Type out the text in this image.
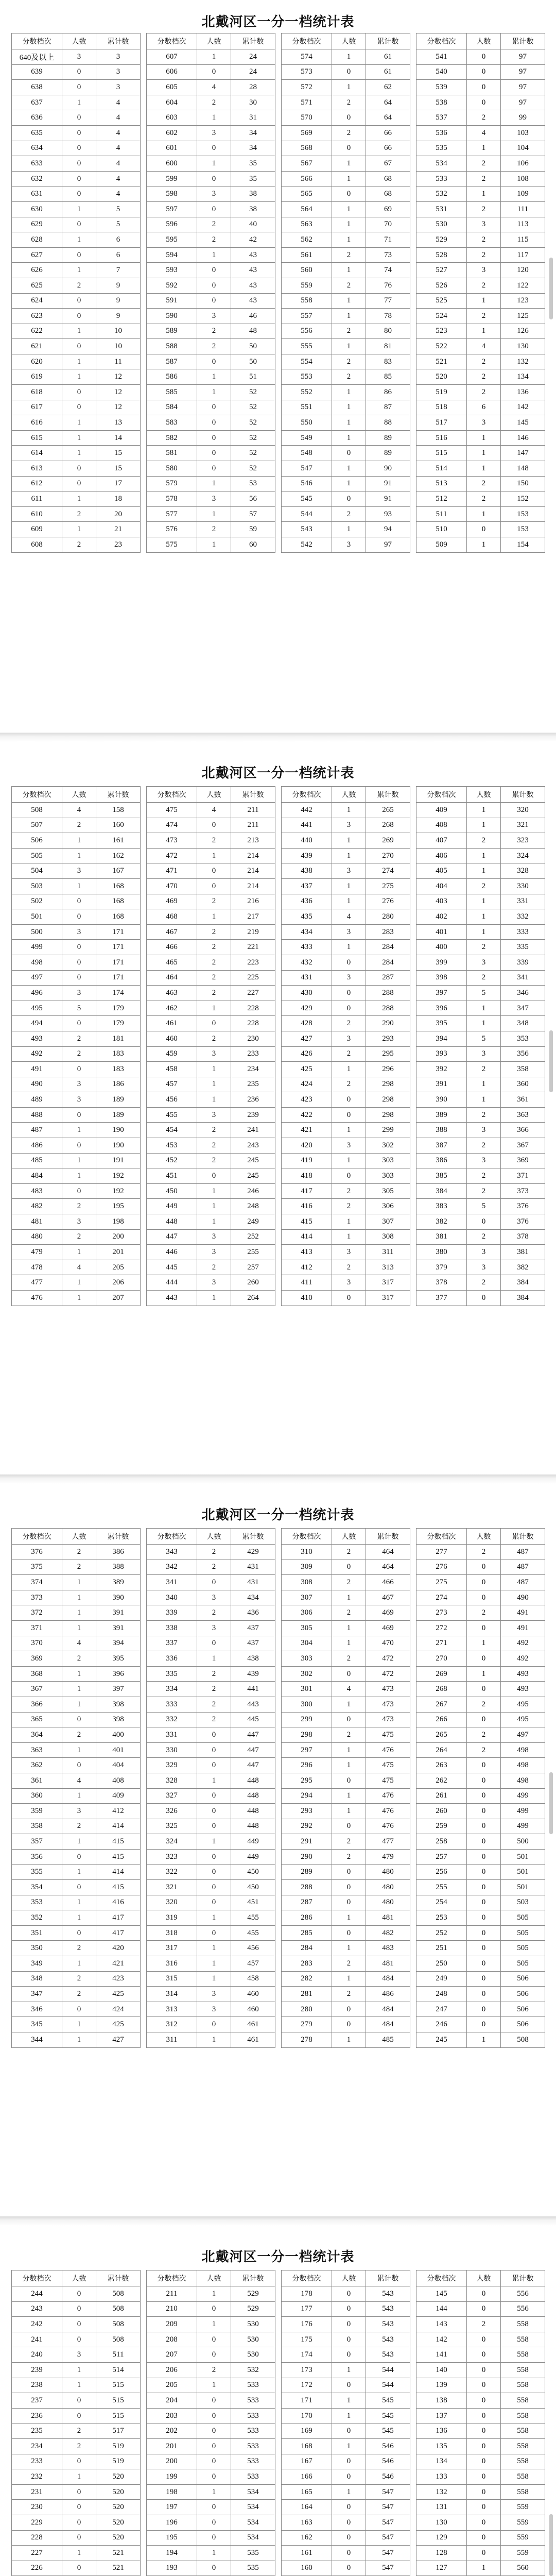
北戴河区一分一档统计表
分数档次	人数	累计数
640及以上	3	3
639	0	3
638	0	3
637	1	4
636	0	4
635	0	4
634	0	4
633	0	4
632	0	4
631	0	4
630	1	5
629	0	5
628	1	6
627	0	6
626	1	7
625	2	9
624	0	9
623	0	9
622	1	10
621	0	10
620	1	11
619	1	12
618	0	12
617	0	12
616	1	13
615	1	14
614	1	15
613	0	15
612	0	17
611	1	18
610	2	20
609	1	21
608	2	23
分数档次	人数	累计数
607	1	24
606	0	24
605	4	28
604	2	30
603	1	31
602	3	34
601	0	34
600	1	35
599	0	35
598	3	38
597	0	38
596	2	40
595	2	42
594	1	43
593	0	43
592	0	43
591	0	43
590	3	46
589	2	48
588	2	50
587	0	50
586	1	51
585	1	52
584	0	52
583	0	52
582	0	52
581	0	52
580	0	52
579	1	53
578	3	56
577	1	57
576	2	59
575	1	60
分数档次	人数	累计数
574	1	61
573	0	61
572	1	62
571	2	64
570	0	64
569	2	66
568	0	66
567	1	67
566	1	68
565	0	68
564	1	69
563	1	70
562	1	71
561	2	73
560	1	74
559	2	76
558	1	77
557	1	78
556	2	80
555	1	81
554	2	83
553	2	85
552	1	86
551	1	87
550	1	88
549	1	89
548	0	89
547	1	90
546	1	91
545	0	91
544	2	93
543	1	94
542	3	97
分数档次	人数	累计数
541	0	97
540	0	97
539	0	97
538	0	97
537	2	99
536	4	103
535	1	104
534	2	106
533	2	108
532	1	109
531	2	111
530	3	113
529	2	115
528	2	117
527	3	120
526	2	122
525	1	123
524	2	125
523	1	126
522	4	130
521	2	132
520	2	134
519	2	136
518	6	142
517	3	145
516	1	146
515	1	147
514	1	148
513	2	150
512	2	152
511	1	153
510	0	153
509	1	154
北戴河区一分一档统计表
分数档次	人数	累计数
508	4	158
507	2	160
506	1	161
505	1	162
504	3	167
503	1	168
502	0	168
501	0	168
500	3	171
499	0	171
498	0	171
497	0	171
496	3	174
495	5	179
494	0	179
493	2	181
492	2	183
491	0	183
490	3	186
489	3	189
488	0	189
487	1	190
486	0	190
485	1	191
484	1	192
483	0	192
482	2	195
481	3	198
480	2	200
479	1	201
478	4	205
477	1	206
476	1	207
分数档次	人数	累计数
475	4	211
474	0	211
473	2	213
472	1	214
471	0	214
470	0	214
469	2	216
468	1	217
467	2	219
466	2	221
465	2	223
464	2	225
463	2	227
462	1	228
461	0	228
460	2	230
459	3	233
458	1	234
457	1	235
456	1	236
455	3	239
454	2	241
453	2	243
452	2	245
451	0	245
450	1	246
449	1	248
448	1	249
447	3	252
446	3	255
445	2	257
444	3	260
443	1	264
分数档次	人数	累计数
442	1	265
441	3	268
440	1	269
439	1	270
438	3	274
437	1	275
436	1	276
435	4	280
434	3	283
433	1	284
432	0	284
431	3	287
430	0	288
429	0	288
428	2	290
427	3	293
426	2	295
425	1	296
424	2	298
423	0	298
422	0	298
421	1	299
420	3	302
419	1	303
418	0	303
417	2	305
416	2	306
415	1	307
414	1	308
413	3	311
412	2	313
411	3	317
410	0	317
分数档次	人数	累计数
409	1	320
408	1	321
407	2	323
406	1	324
405	1	328
404	2	330
403	1	331
402	1	332
401	1	333
400	2	335
399	3	339
398	2	341
397	5	346
396	1	347
395	1	348
394	5	353
393	3	356
392	2	358
391	1	360
390	1	361
389	2	363
388	3	366
387	2	367
386	3	369
385	2	371
384	2	373
383	5	376
382	0	376
381	2	378
380	3	381
379	3	382
378	2	384
377	0	384
北戴河区一分一档统计表
分数档次	人数	累计数
376	2	386
375	2	388
374	1	389
373	1	390
372	1	391
371	1	391
370	4	394
369	2	395
368	1	396
367	1	397
366	1	398
365	0	398
364	2	400
363	1	401
362	0	404
361	4	408
360	1	409
359	3	412
358	2	414
357	1	415
356	0	415
355	1	414
354	0	415
353	1	416
352	1	417
351	0	417
350	2	420
349	1	421
348	2	423
347	2	425
346	0	424
345	1	425
344	1	427
分数档次	人数	累计数
343	2	429
342	2	431
341	0	431
340	3	434
339	2	436
338	3	437
337	0	437
336	1	438
335	2	439
334	2	441
333	2	443
332	2	445
331	0	447
330	0	447
329	0	447
328	1	448
327	0	448
326	0	448
325	0	448
324	1	449
323	0	449
322	0	450
321	0	450
320	0	451
319	1	455
318	0	455
317	1	456
316	1	457
315	1	458
314	3	460
313	3	460
312	0	461
311	1	461
分数档次	人数	累计数
310	2	464
309	0	464
308	2	466
307	1	467
306	2	469
305	1	469
304	1	470
303	2	472
302	0	472
301	4	473
300	1	473
299	0	473
298	2	475
297	1	476
296	1	475
295	0	475
294	1	476
293	1	476
292	0	476
291	2	477
290	2	479
289	0	480
288	0	480
287	0	480
286	1	481
285	0	482
284	1	483
283	2	481
282	1	484
281	2	486
280	0	484
279	0	484
278	1	485
分数档次	人数	累计数
277	2	487
276	0	487
275	0	487
274	0	490
273	2	491
272	0	491
271	1	492
270	0	492
269	1	493
268	0	493
267	2	495
266	0	495
265	2	497
264	2	498
263	0	498
262	0	498
261	0	499
260	0	499
259	0	499
258	0	500
257	0	501
256	0	501
255	0	501
254	0	503
253	0	505
252	0	505
251	0	505
250	0	505
249	0	506
248	0	506
247	0	506
246	0	506
245	1	508
北戴河区一分一档统计表
分数档次	人数	累计数
244	0	508
243	0	508
242	0	508
241	0	508
240	3	511
239	1	514
238	1	515
237	0	515
236	0	515
235	2	517
234	2	519
233	0	519
232	1	520
231	0	520
230	0	520
229	0	520
228	0	520
227	1	521
226	0	521

分数档次	人数	累计数
211	1	529
210	0	529
209	1	530
208	0	530
207	0	530
206	2	532
205	1	533
204	0	533
203	0	533
202	0	533
201	0	533
200	0	533
199	0	533
198	1	534
197	0	534
196	0	534
195	0	534
194	1	535
193	0	535

分数档次	人数	累计数
178	0	543
177	0	543
176	0	543
175	0	543
174	0	543
173	1	544
172	0	544
171	1	545
170	1	545
169	0	545
168	1	546
167	0	546
166	0	546
165	1	547
164	0	547
163	0	547
162	0	547
161	0	547
160	0	547

分数档次	人数	累计数
145	0	556
144	0	556
143	2	558
142	0	558
141	0	558
140	0	558
139	0	558
138	0	558
137	0	558
136	0	558
135	0	558
134	0	558
133	0	558
132	0	558
131	0	559
130	0	559
129	0	559
128	0	559
127	1	560
